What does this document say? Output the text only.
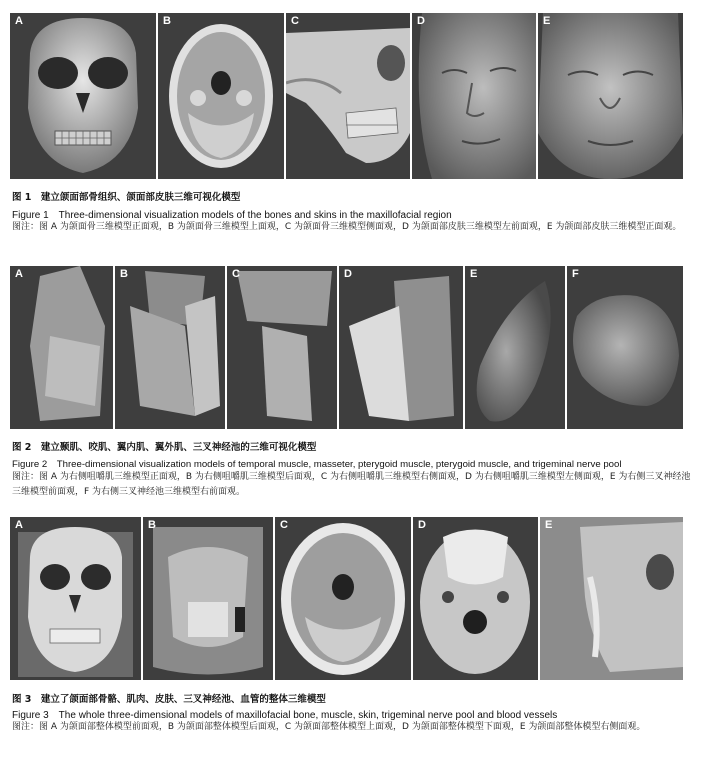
A	B	C	D	E
图 1　建立颌面部骨组织、颌面部皮肤三维可视化模型
Figure 1　Three-dimensional visualization models of the bones and skins in the maxillofacial region
图注：图 A 为颌面骨三维模型正面观，B 为颌面骨三维模型上面观，C 为颌面骨三维模型侧面观，D 为颌面部皮肤三维模型左前面观，E 为颌面部皮肤三维模型正面观。
A	B	C	D	E	F
图 2　建立颞肌、咬肌、翼内肌、翼外肌、三叉神经池的三维可视化模型
Figure 2　Three-dimensional visualization models of temporal muscle, masseter, pterygoid muscle, pterygoid muscle, and trigeminal nerve pool
图注：图 A 为右侧咀嚼肌三维模型正面观，B 为右侧咀嚼肌三维模型后面观，C 为右侧咀嚼肌三维模型右侧面观，D 为右侧咀嚼肌三维模型左侧面观，E 为右侧三叉神经池三维模型前面观，F 为右侧三叉神经池三维模型右前面观。
A	B	C	D	E
图 3　建立了颌面部骨骼、肌肉、皮肤、三叉神经池、血管的整体三维模型
Figure 3　The whole three-dimensional models of maxillofacial bone, muscle, skin, trigeminal nerve pool and blood vessels
图注：图 A 为颌面部整体模型前面观，B 为颌面部整体模型后面观，C 为颌面部整体模型上面观，D 为颌面部整体模型下面观，E 为颌面部整体模型右侧面观。
